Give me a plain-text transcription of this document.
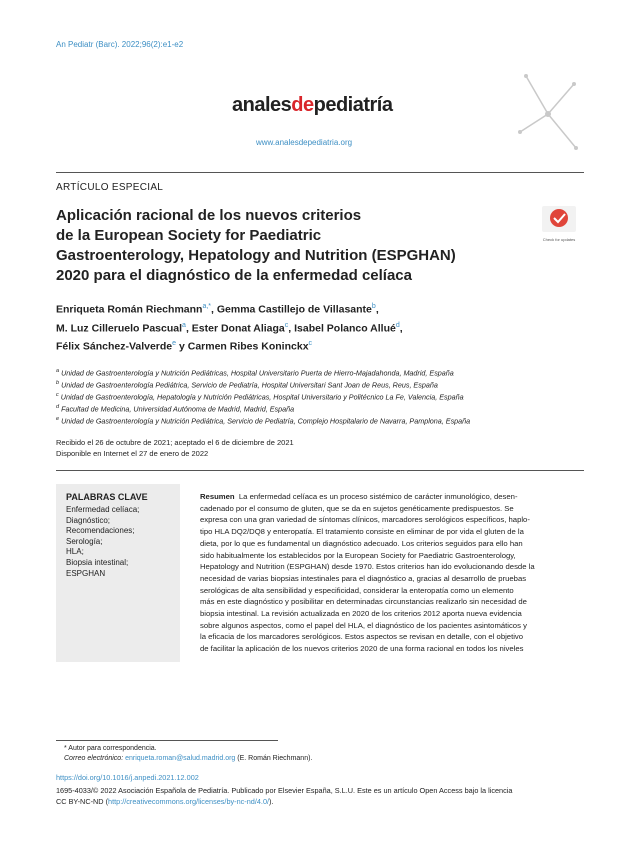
An Pediatr (Barc). 2022;96(2):e1-e2
analesdepediatría
www.analesdepediatria.org
ARTÍCULO ESPECIAL
Aplicación racional de los nuevos criterios
de la European Society for Paediatric
Gastroenterology, Hepatology and Nutrition (ESPGHAN)
2020 para el diagnóstico de la enfermedad celíaca
Check for updates
Enriqueta Román Riechmann$^{a,*}$, Gemma Castillejo de Villasante$^b$,
M. Luz Cilleruelo Pascual$^a$, Ester Donat Aliaga$^c$, Isabel Polanco Allué$^d$,
Félix Sánchez-Valverde$^e$ y Carmen Ribes Koninckx$^c$
$^a$ Unidad de Gastroenterología y Nutrición Pediátricas, Hospital Universitario Puerta de Hierro-Majadahonda, Madrid, España
$^b$ Unidad de Gastroenterología Pediátrica, Servicio de Pediatría, Hospital Universitari Sant Joan de Reus, Reus, España
$^c$ Unidad de Gastroenterología, Hepatología y Nutrición Pediátricas, Hospital Universitario y Politécnico La Fe, Valencia, España
$^d$ Facultad de Medicina, Universidad Autónoma de Madrid, Madrid, España
$^e$ Unidad de Gastroenterología y Nutrición Pediátrica, Servicio de Pediatría, Complejo Hospitalario de Navarra, Pamplona, España
Recibido el 26 de octubre de 2021; aceptado el 6 de diciembre de 2021
Disponible en Internet el 27 de enero de 2022
PALABRAS CLAVE
Enfermedad celíaca;
Diagnóstico;
Recomendaciones;
Serología;
HLA;
Biopsia intestinal;
ESPGHAN
Resumen La enfermedad celíaca es un proceso sistémico de carácter inmunológico, desen-
cadenado por el consumo de gluten, que se da en sujetos genéticamente predispuestos. Se
expresa con una gran variedad de síntomas clínicos, marcadores serológicos específicos, haplo-
tipo HLA DQ2/DQ8 y enteropatía. El tratamiento consiste en eliminar de por vida el gluten de la
dieta, por lo que es fundamental un diagnóstico adecuado. Los criterios seguidos para ello han
sido habitualmente los establecidos por la European Society for Paediatric Gastroenterology,
Hepatology and Nutrition (ESPGHAN) desde 1970. Estos criterios han ido evolucionando desde la
necesidad de varias biopsias intestinales para el diagnóstico a, gracias al desarrollo de pruebas
serológicas de alta sensibilidad y especificidad, considerar la enteropatía como un elemento
más en este diagnóstico y posibilitar en determinadas circunstancias realizarlo sin necesidad de
biopsia intestinal. La revisión actualizada en 2020 de los criterios 2012 aporta nueva evidencia
sobre algunos aspectos, como el papel del HLA, el diagnóstico de los pacientes asintomáticos y
la eficacia de los marcadores serológicos. Estos aspectos se revisan en detalle, con el objetivo
de facilitar la aplicación de los nuevos criterios 2020 de una forma racional en todos los niveles
* Autor para correspondencia.
Correo electrónico: enriqueta.roman@salud.madrid.org (E. Román Riechmann).
https://doi.org/10.1016/j.anpedi.2021.12.002
1695-4033/© 2022 Asociación Española de Pediatría. Publicado por Elsevier España, S.L.U. Este es un artículo Open Access bajo la licencia
CC BY-NC-ND (http://creativecommons.org/licenses/by-nc-nd/4.0/).
